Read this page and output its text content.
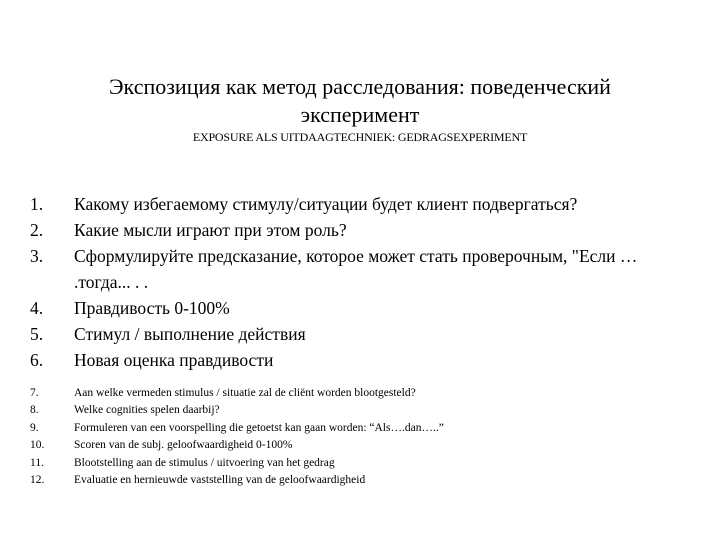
Экспозиция как метод расследования: поведенческий эксперимент
EXPOSURE ALS UITDAAGTECHNIEK: GEDRAGSEXPERIMENT
1.	Какому избегаемому стимулу/ситуации будет клиент подвергаться?
2.	Какие мысли играют при этом роль?
3.	Сформулируйте предсказание, которое может стать проверочным, "Если … .тогда... . .
4.	Правдивость 0-100%
5.	Стимул / выполнение действия
6.	Новая оценка правдивости
7.	Aan welke vermeden stimulus / situatie zal de cliënt worden blootgesteld?
8.	Welke cognities spelen daarbij?
9.	Formuleren van een voorspelling die getoetst kan gaan worden: “Als….dan…..”
10.	Scoren van de subj. geloofwaardigheid 0-100%
11.	Blootstelling aan de stimulus / uitvoering van het gedrag
12.	Evaluatie en hernieuwde vaststelling van de geloofwaardigheid
